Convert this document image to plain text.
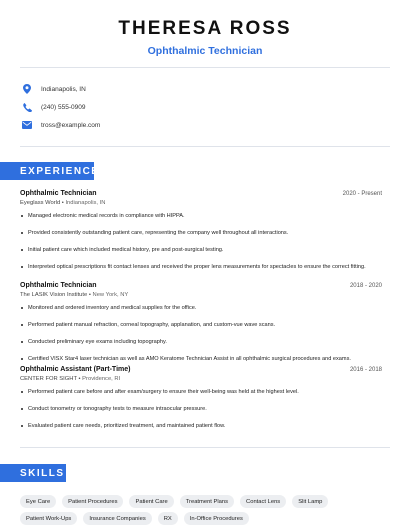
THERESA ROSS
Ophthalmic Technician
Indianapolis, IN
(240) 555-0909
tross@example.com
EXPERIENCE
Ophthalmic Technician	2020 - Present
Eyeglass World • Indianapolis, IN
Managed electronic medical records in compliance with HIPPA.
Provided consistently outstanding patient care, representing the company well throughout all interactions.
Initial patient care which included medical history, pre and post-surgical testing.
Interpreted optical prescriptions fit contact lenses and received the proper lens measurements for spectacles to ensure the correct fitting.
Ophthalmic Technician	2018 - 2020
The LASIK Vision Institute • New York, NY
Monitored and ordered inventory and medical supplies for the office.
Performed patient manual refraction, corneal topography, applanation, and custom-vue wave scans.
Conducted preliminary eye exams including topography.
Certified VISX Star4 laser technician as well as AMO Keratome Technician Assist in all ophthalmic surgical procedures and exams.
Ophthalmic Assistant (Part-Time)	2016 - 2018
CENTER FOR SIGHT • Providence, RI
Performed patient care before and after exam/surgery to ensure their well-being was held at the highest level.
Conduct tonometry or tonography tests to measure intraocular pressure.
Evaluated patient care needs, prioritized treatment, and maintained patient flow.
SKILLS
Eye Care	Patient Procedures	Patient Care	Treatment Plans	Contact Lens	Slit Lamp
Patient Work-Ups	Insurance Companies	RX	In-Office Procedures
